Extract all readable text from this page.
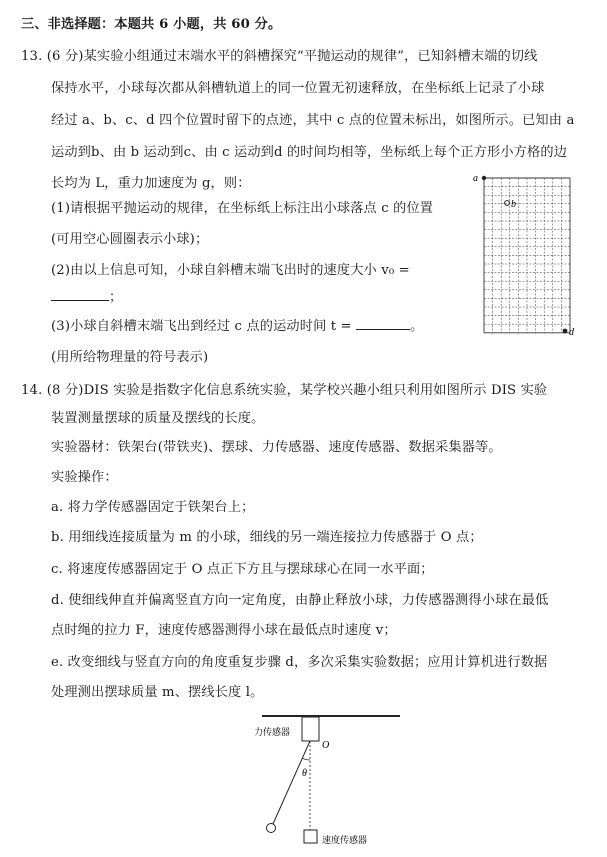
三、非选择题：本题共 6 小题，共 60 分。
13. (6 分)某实验小组通过末端水平的斜槽探究“平抛运动的规律”，已知斜槽末端的切线
保持水平，小球每次都从斜槽轨道上的同一位置无初速释放，在坐标纸上记录了小球
经过 a、b、c、d 四个位置时留下的点迹，其中 c 点的位置未标出，如图所示。已知由 a
运动到b、由 b 运动到c、由 c 运动到d 的时间均相等，坐标纸上每个正方形小方格的边
长均为 L，重力加速度为 g，则：
(1)请根据平抛运动的规律，在坐标纸上标注出小球落点 c 的位置
(可用空心圆圈表示小球)；
(2)由以上信息可知，小球自斜槽末端飞出时的速度大小 v₀ =
；
(3)小球自斜槽末端飞出到经过 c 点的运动时间 t =	。
(用所给物理量的符号表示)
a
b
d
14. (8 分)DIS 实验是指数字化信息系统实验，某学校兴趣小组只利用如图所示 DIS 实验
装置测量摆球的质量及摆线的长度。
实验器材：铁架台(带铁夹)、摆球、力传感器、速度传感器、数据采集器等。
实验操作：
a. 将力学传感器固定于铁架台上；
b. 用细线连接质量为 m 的小球，细线的另一端连接拉力传感器于 O 点；
c. 将速度传感器固定于 O 点正下方且与摆球球心在同一水平面；
d. 使细线伸直并偏离竖直方向一定角度，由静止释放小球，力传感器测得小球在最低
点时绳的拉力 F，速度传感器测得小球在最低点时速度 v；
e. 改变细线与竖直方向的角度重复步骤 d，多次采集实验数据；应用计算机进行数据
处理测出摆球质量 m、摆线长度 l。
力传感器
O
θ
速度传感器
